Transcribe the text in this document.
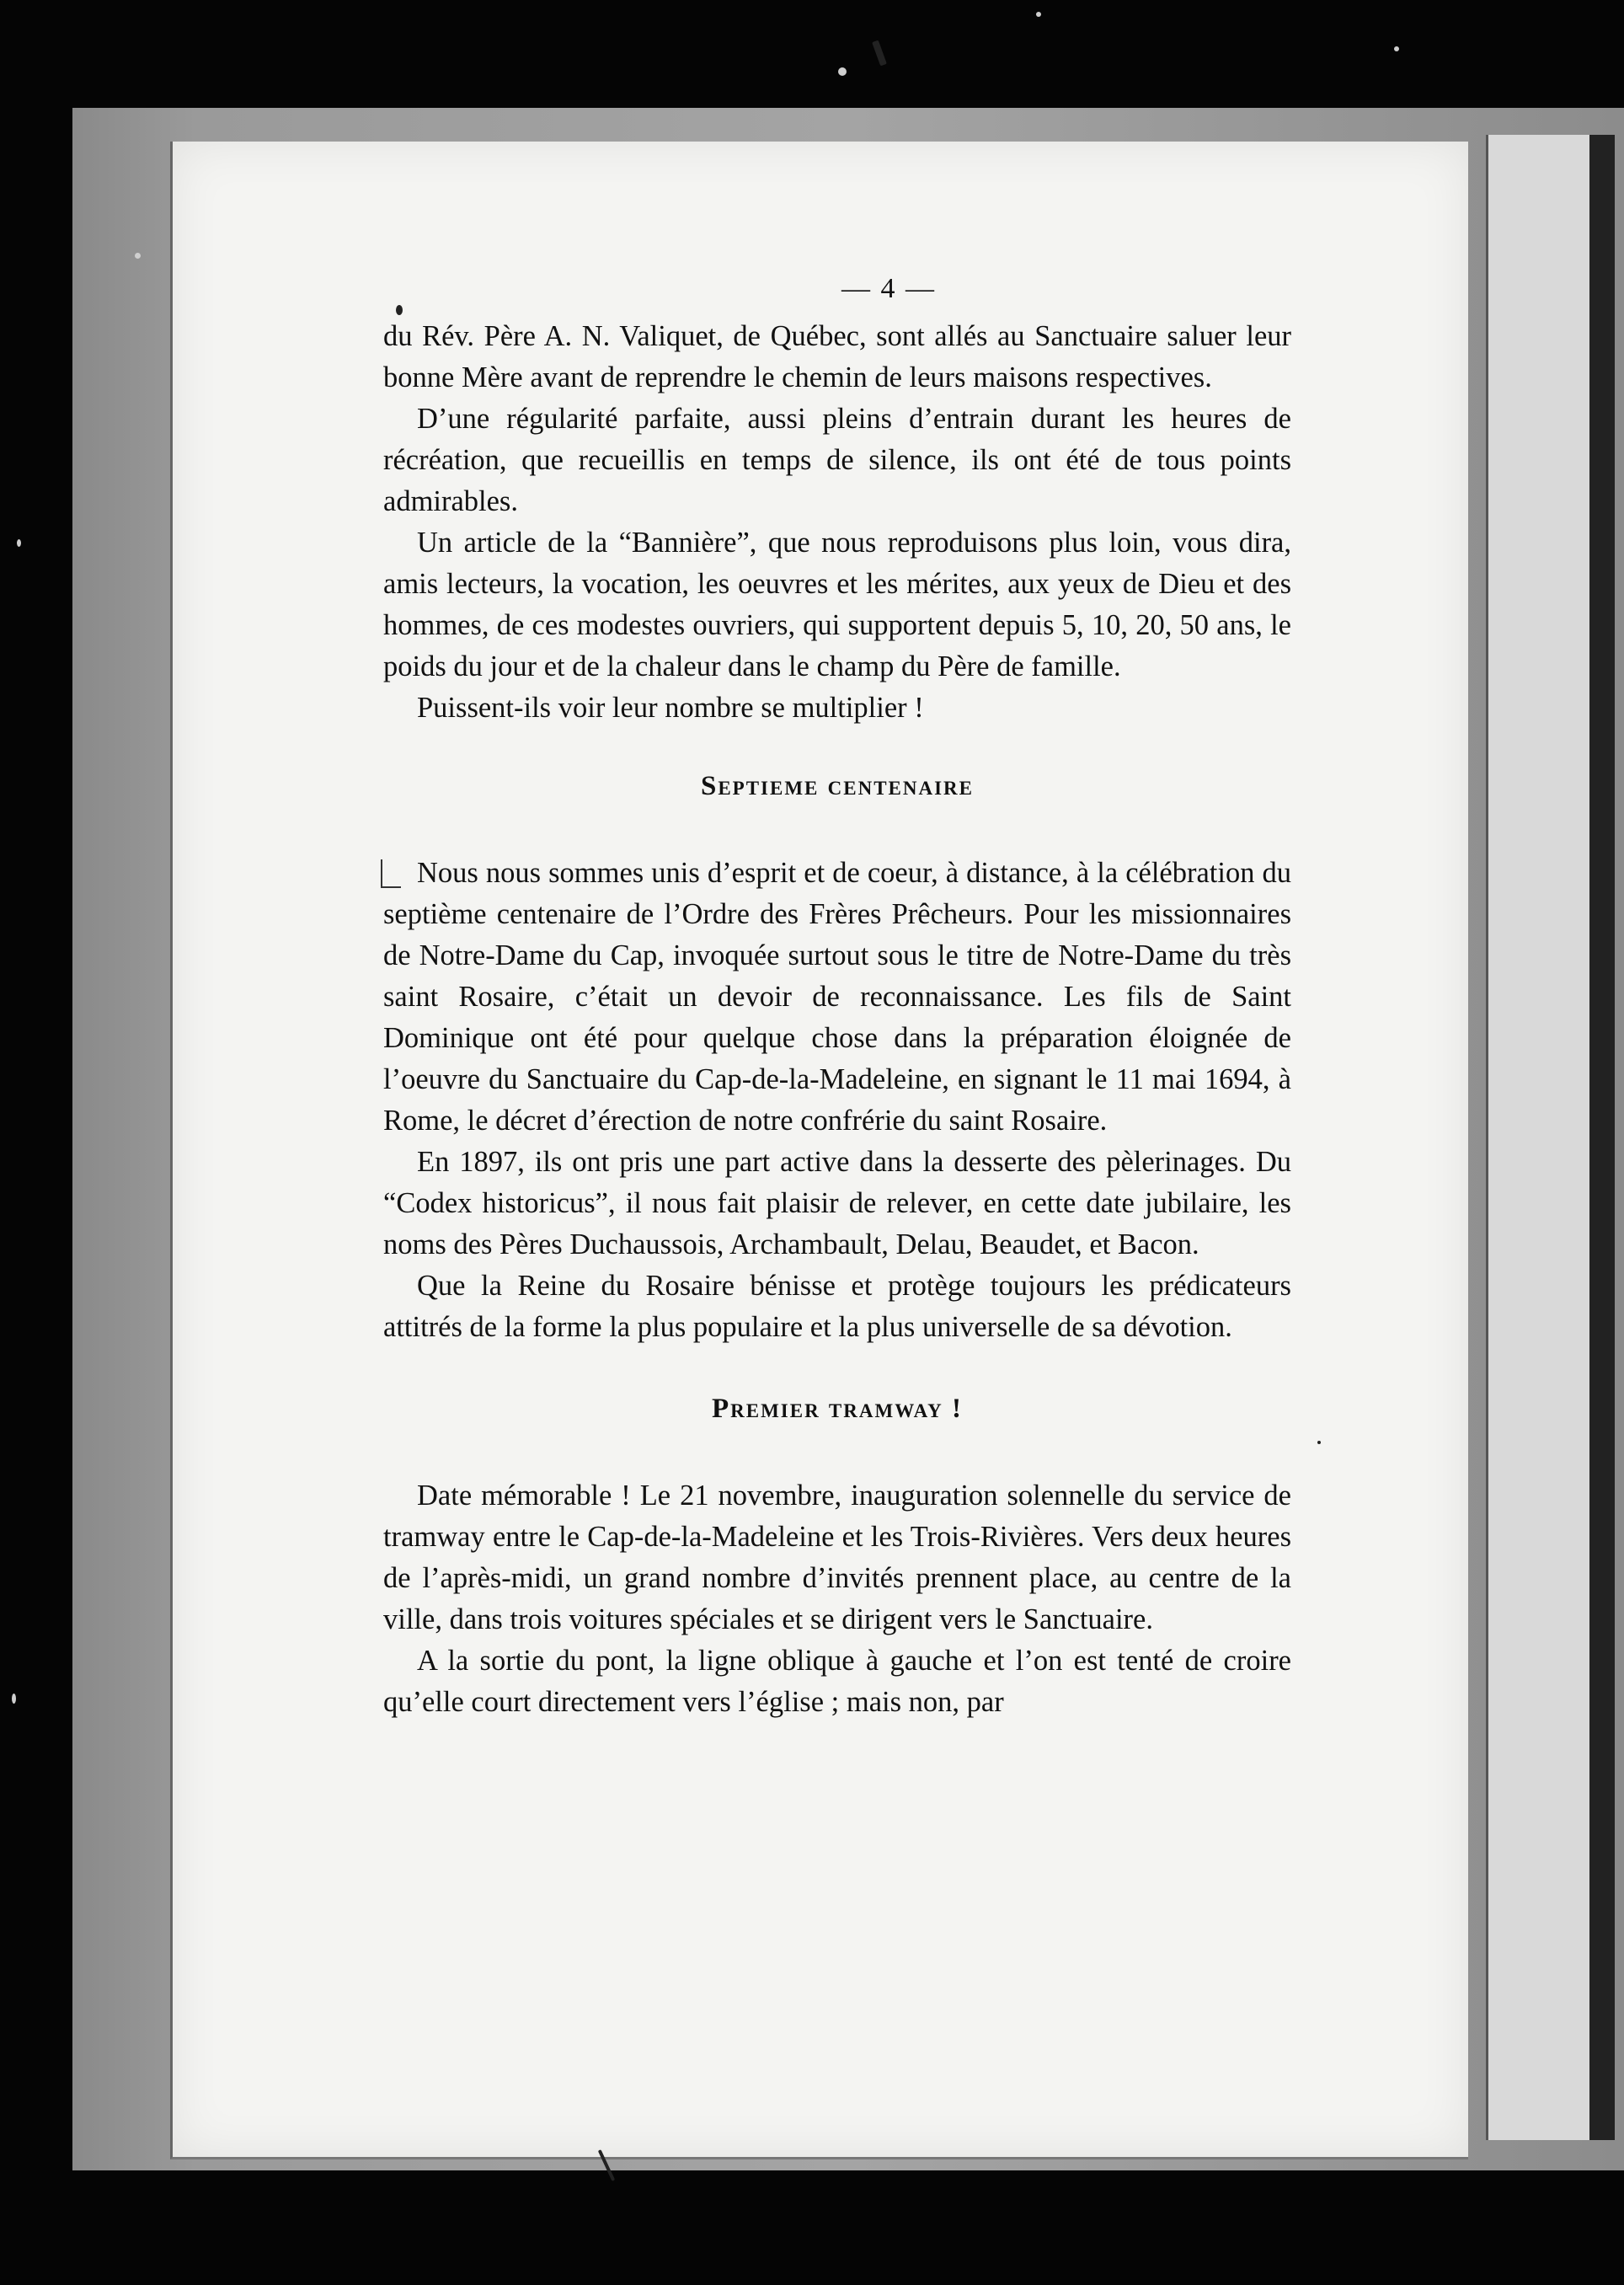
— 4 —

du Rév. Père A. N. Valiquet, de Québec, sont allés au Sanctuaire saluer leur bonne Mère avant de reprendre le chemin de leurs maisons respectives.

D’une régularité parfaite, aussi pleins d’entrain durant les heures de récréation, que recueillis en temps de silence, ils ont été de tous points admirables.

Un article de la “Bannière”, que nous reproduisons plus loin, vous dira, amis lecteurs, la vocation, les oeuvres et les mérites, aux yeux de Dieu et des hommes, de ces modestes ouvriers, qui supportent depuis 5, 10, 20, 50 ans, le poids du jour et de la chaleur dans le champ du Père de famille.

Puissent-ils voir leur nombre se multiplier !

Septieme centenaire

Nous nous sommes unis d’esprit et de coeur, à distance, à la célébration du septième centenaire de l’Ordre des Frères Prêcheurs. Pour les missionnaires de Notre-Dame du Cap, invoquée surtout sous le titre de Notre-Dame du très saint Rosaire, c’était un devoir de reconnaissance. Les fils de Saint Dominique ont été pour quelque chose dans la préparation éloignée de l’oeuvre du Sanctuaire du Cap-de-la-Madeleine, en signant le 11 mai 1694, à Rome, le décret d’érection de notre confrérie du saint Rosaire.

En 1897, ils ont pris une part active dans la desserte des pèlerinages. Du “Codex historicus”, il nous fait plaisir de relever, en cette date jubilaire, les noms des Pères Duchaussois, Archambault, Delau, Beaudet, et Bacon.

Que la Reine du Rosaire bénisse et protège toujours les prédicateurs attitrés de la forme la plus populaire et la plus universelle de sa dévotion.

Premier tramway !

Date mémorable ! Le 21 novembre, inauguration solennelle du service de tramway entre le Cap-de-la-Madeleine et les Trois-Rivières. Vers deux heures de l’après-midi, un grand nombre d’invités prennent place, au centre de la ville, dans trois voitures spéciales et se dirigent vers le Sanctuaire.

A la sortie du pont, la ligne oblique à gauche et l’on est tenté de croire qu’elle court directement vers l’église ; mais non, par
